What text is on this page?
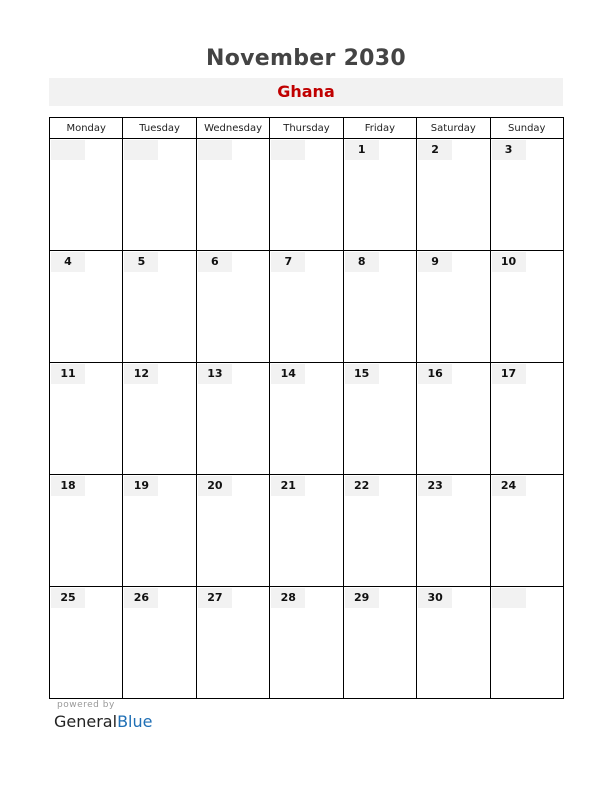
November 2030
Ghana
Monday	Tuesday	Wednesday	Thursday	Friday	Saturday	Sunday

				1	2	3

4	5	6	7	8	9	10

11	12	13	14	15	16	17

18	19	20	21	22	23	24

25	26	27	28	29	30	

powered by
GeneralBlue
